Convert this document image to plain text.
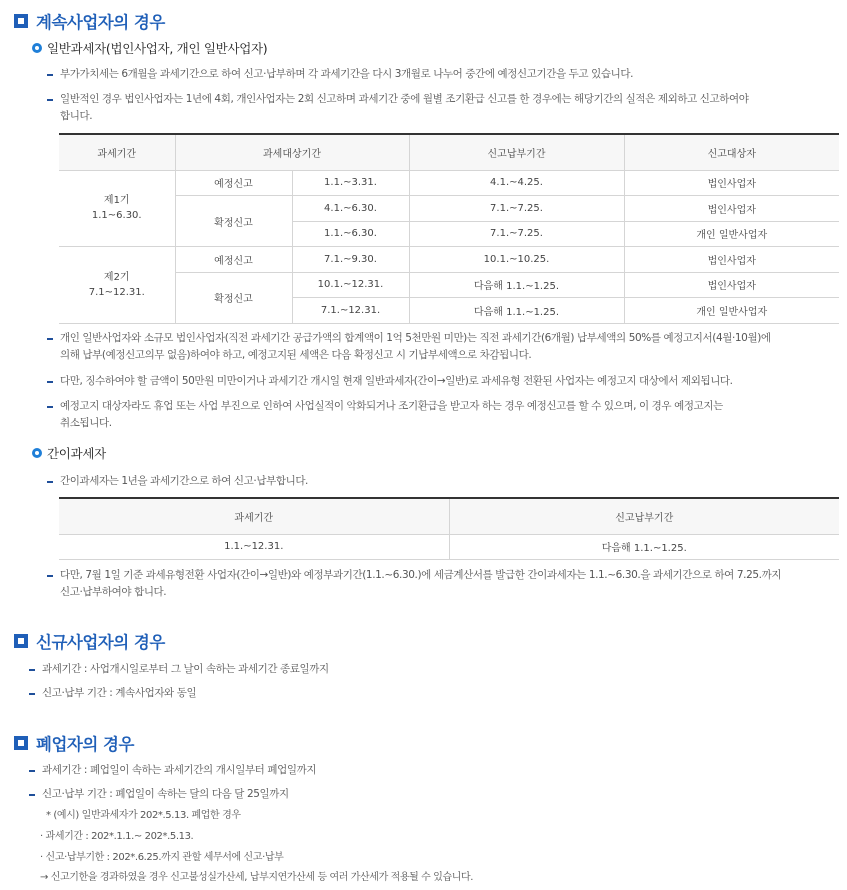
계속사업자의 경우
일반과세자(법인사업자, 개인 일반사업자)
부가가치세는 6개월을 과세기간으로 하여 신고·납부하며 각 과세기간을 다시 3개월로 나누어 중간에 예정신고기간을 두고 있습니다.
일반적인 경우 법인사업자는 1년에 4회, 개인사업자는 2회 신고하며 과세기간 중에 월별 조기환급 신고를 한 경우에는 해당기간의 실적은 제외하고 신고하여야
합니다.
과세기간	과세대상기간		신고납부기간	신고대상자
제1기
1.1~6.30.	예정신고	1.1.~3.31.	4.1.~4.25.	법인사업자
	확정신고	4.1.~6.30.	7.1.~7.25.	법인사업자
		1.1.~6.30.	7.1.~7.25.	개인 일반사업자
제2기
7.1~12.31.	예정신고	7.1.~9.30.	10.1.~10.25.	법인사업자
	확정신고	10.1.~12.31.	다음해 1.1.~1.25.	법인사업자
		7.1.~12.31.	다음해 1.1.~1.25.	개인 일반사업자
개인 일반사업자와 소규모 법인사업자(직전 과세기간 공급가액의 합계액이 1억 5천만원 미만)는 직전 과세기간(6개월) 납부세액의 50%를 예정고지서(4월·10월)에
의해 납부(예정신고의무 없음)하여야 하고, 예정고지된 세액은 다음 확정신고 시 기납부세액으로 차감됩니다.
다만, 징수하여야 할 금액이 50만원 미만이거나 과세기간 개시일 현재 일반과세자(간이→일반)로 과세유형 전환된 사업자는 예정고지 대상에서 제외됩니다.
예정고지 대상자라도 휴업 또는 사업 부진으로 인하여 사업실적이 악화되거나 조기환급을 받고자 하는 경우 예정신고를 할 수 있으며, 이 경우 예정고지는
취소됩니다.
간이과세자
간이과세자는 1년을 과세기간으로 하여 신고·납부합니다.
과세기간	신고납부기간
1.1.~12.31.	다음해 1.1.~1.25.
다만, 7월 1일 기준 과세유형전환 사업자(간이→일반)와 예정부과기간(1.1.~6.30.)에 세금계산서를 발급한 간이과세자는 1.1.~6.30.을 과세기간으로 하여 7.25.까지
신고·납부하여야 합니다.
신규사업자의 경우
과세기간 : 사업개시일로부터 그 날이 속하는 과세기간 종료일까지
신고·납부 기간 : 계속사업자와 동일
폐업자의 경우
과세기간 : 폐업일이 속하는 과세기간의 개시일부터 폐업일까지
신고·납부 기간 : 폐업일이 속하는 달의 다음 달 25일까지
* (예시) 일반과세자가 202*.5.13. 폐업한 경우
· 과세기간 : 202*.1.1.~ 202*.5.13.
· 신고·납부기한 : 202*.6.25.까지 관할 세무서에 신고·납부
→ 신고기한을 경과하였을 경우 신고불성실가산세, 납부지연가산세 등 여러 가산세가 적용될 수 있습니다.
